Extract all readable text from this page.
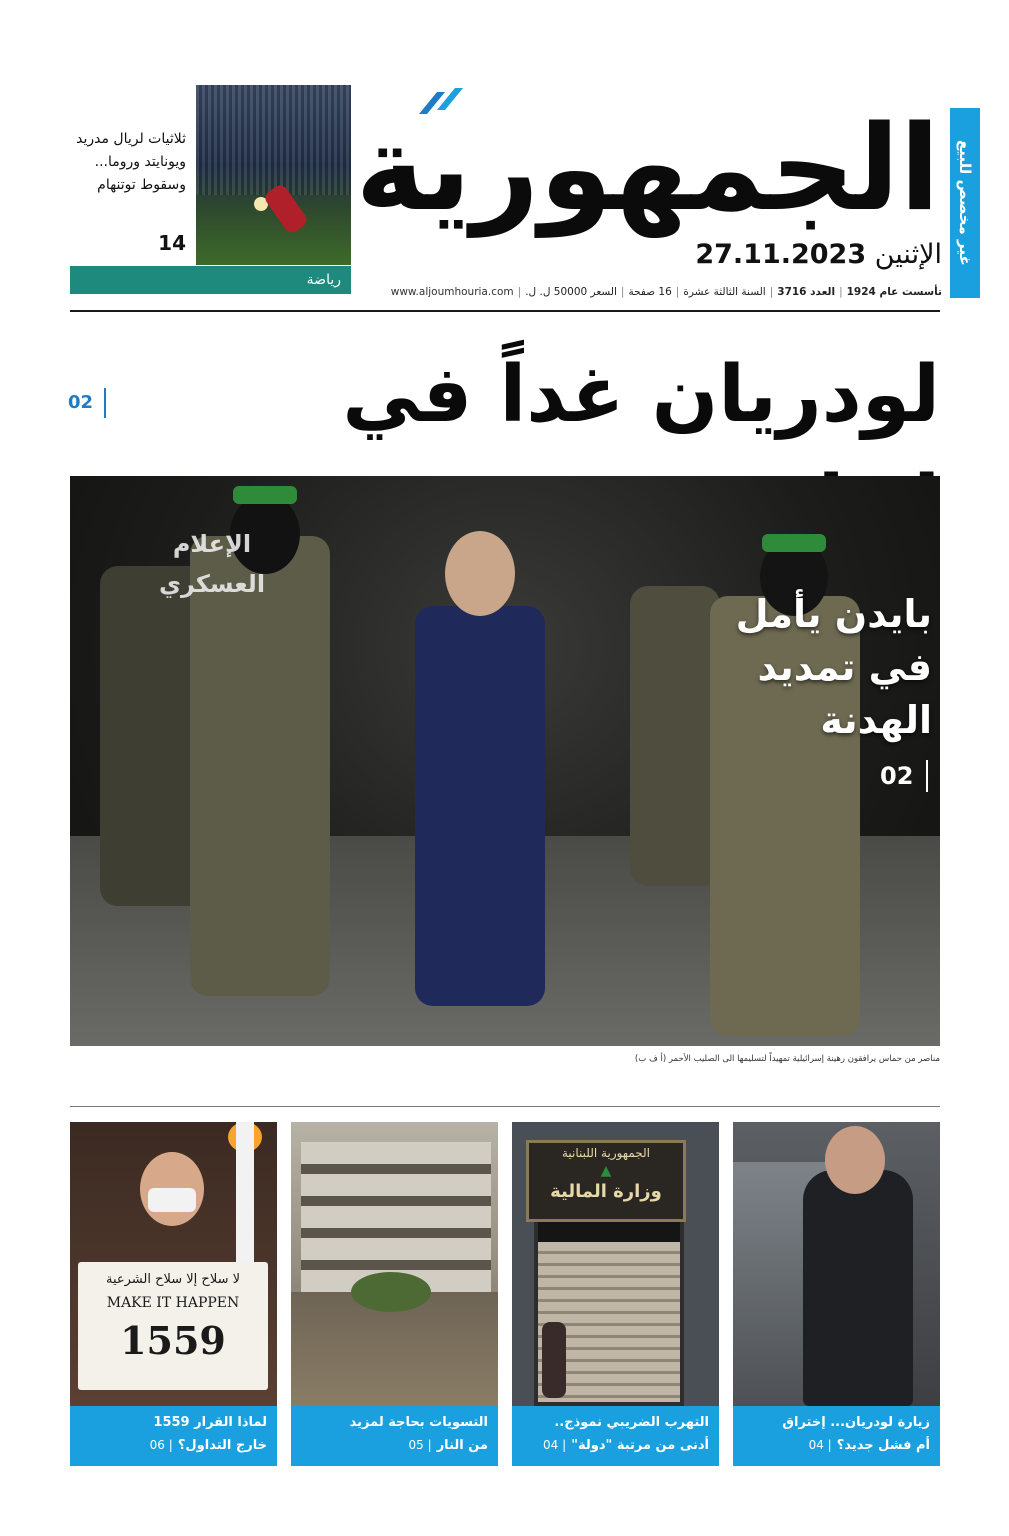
غير مخصص للبيع
الجمهورية
الإثنين 27.11.2023
تأسست عام 1924|العدد 3716|السنة الثالثة عشرة|16 صفحة|السعر 50000 ل. ل.|www.aljoumhouria.com
ثلاثيات لريال مدريد ويونايتد وروما... وسقوط توتنهام
14
رياضة
لودريان غداً في
02
الإعلام العسكري
بايدن يأمل في تمديد الهدنة
02
مناصر من حماس يرافقون رهينة إسرائيلية تمهيداً لتسليمها الى الصليب الأحمر (أ ف ب)
زيارة لودريان... إختراق
أم فشل جديد؟ | 04
الجمهورية اللبنانية
▲
وزارة المالية
التهرب الضريبي نموذج..
أدنى من مرتبة "دولة" | 04
التسويات بحاجة لمزيد
من النار | 05
لا سلاح إلا سلاح الشرعية
MAKE IT HAPPEN
1559
لماذا القرار 1559
خارج التداول؟ | 06
